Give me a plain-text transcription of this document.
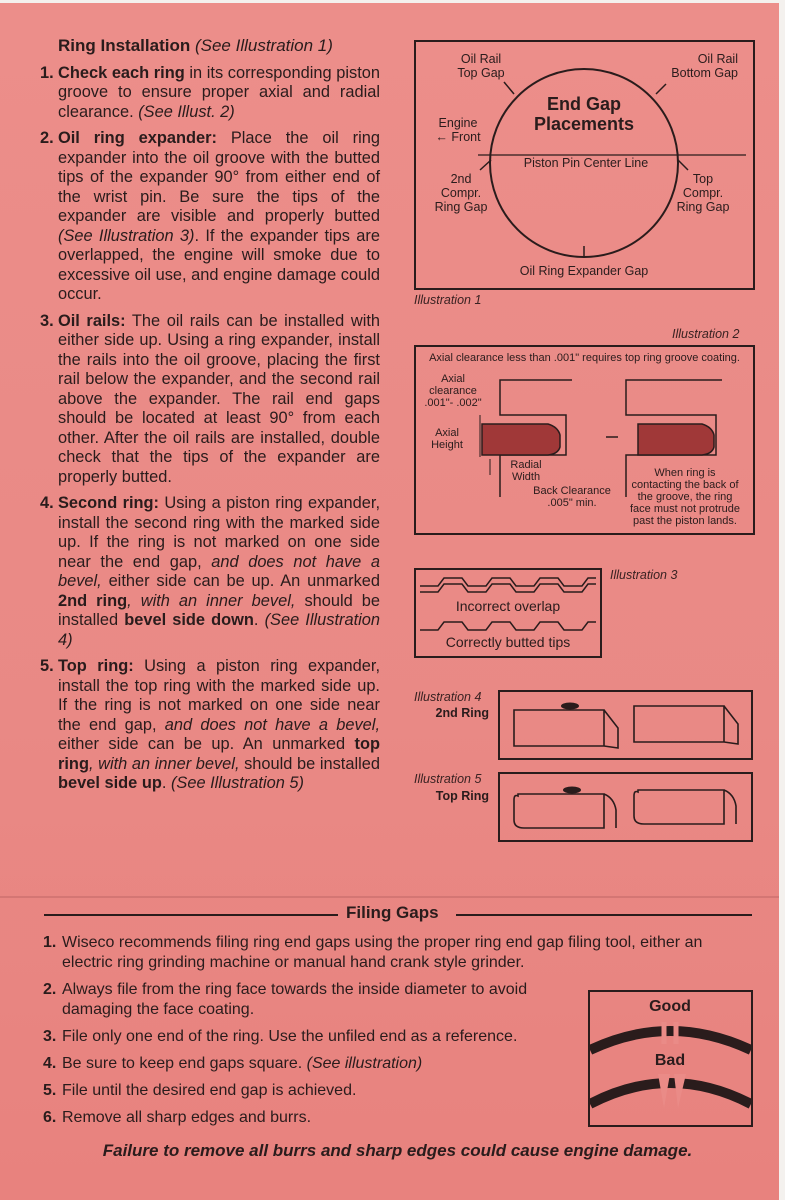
Ring Installation (See Illustration 1)
1. Check each ring in its corresponding piston groove to ensure proper axial and radial clearance. (See Illust. 2)
2. Oil ring expander: Place the oil ring expander into the oil groove with the butted tips of the expander 90° from either end of the wrist pin. Be sure the tips of the expander are visible and properly butted (See Illustration 3). If the expander tips are overlapped, the engine will smoke due to excessive oil use, and engine damage could occur.
3. Oil rails: The oil rails can be installed with either side up. Using a ring expander, install the rails into the oil groove, placing the first rail below the expander, and the second rail above the expander. The rail end gaps should be located at least 90° from each other. After the oil rails are installed, double check that the tips of the expander are properly butted.
4. Second ring: Using a piston ring expander, install the second ring with the marked side up. If the ring is not marked on one side near the end gap, and does not have a bevel, either side can be up. An unmarked 2nd ring, with an inner bevel, should be installed bevel side down. (See Illustration 4)
5. Top ring: Using a piston ring expander, install the top ring with the marked side up. If the ring is not marked on one side near the end gap, and does not have a bevel, either side can be up. An unmarked top ring, with an inner bevel, should be installed bevel side up. (See Illustration 5)
Oil Rail
Top Gap
Oil Rail
Bottom Gap
End Gap
Placements
Engine
← Front
Piston Pin Center Line
2nd
Compr.
Ring Gap
Top
Compr.
Ring Gap
Oil Ring Expander Gap
Illustration 1
Illustration 2
Axial clearance less than .001" requires top ring groove coating.
Axial
clearance
.001"- .002"
Axial
Height
Radial
Width
Back Clearance
.005" min.
When ring is
contacting the back of
the groove, the ring
face must not protrude
past the piston lands.
Incorrect overlap
Correctly butted tips
Illustration 3
Illustration 4
2nd Ring
Illustration 5
Top Ring
Filing Gaps
1. Wiseco recommends filing ring end gaps using the proper ring end gap filing tool, either an electric ring grinding machine or manual hand crank style grinder.
2. Always file from the ring face towards the inside diameter to avoid damaging the face coating.
3. File only one end of the ring. Use the unfiled end as a reference.
4. Be sure to keep end gaps square. (See illustration)
5. File until the desired end gap is achieved.
6. Remove all sharp edges and burrs.
Failure to remove all burrs and sharp edges could cause engine damage.
Good
Bad
